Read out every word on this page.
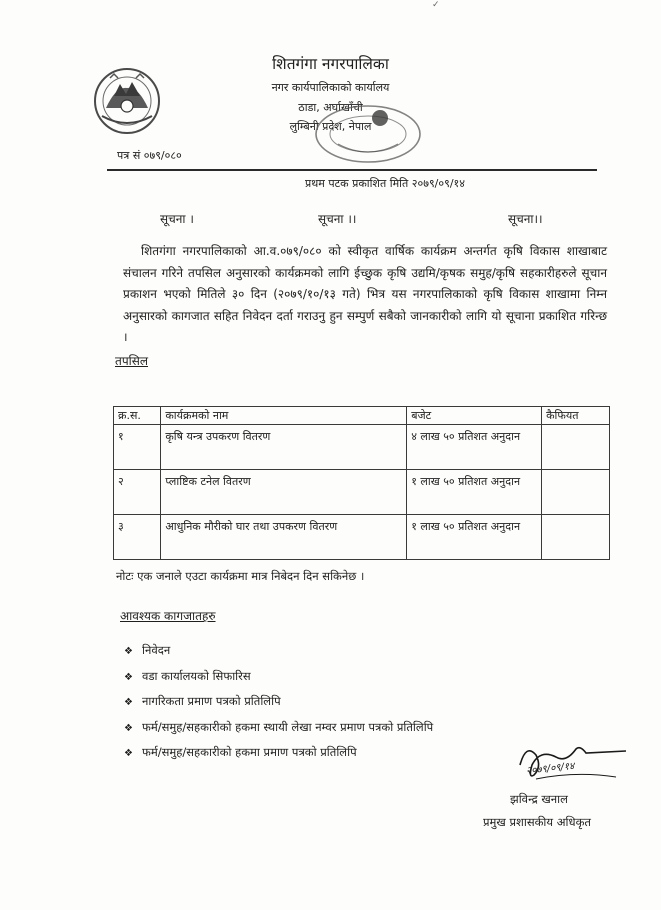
✓
शितगंगा नगरपालिका
नगर कार्यपालिकाको कार्यालय
ठाडा, अर्घाखाँची
लुम्बिनी प्रदेश, नेपाल
पत्र सं ०७९/०८०
प्रथम पटक प्रकाशित मिति २०७९/०९/१४
सूचना ।	सूचना ।।	सूचना।।
शितगंगा नगरपालिकाको आ.व.०७९/०८० को स्वीकृत वार्षिक कार्यक्रम अन्तर्गत कृषि विकास शाखाबाट संचालन गरिने तपसिल अनुसारको कार्यक्रमको लागि ईच्छुक कृषि उद्यमि/कृषक समुह/कृषि सहकारीहरुले सूचान प्रकाशन भएको मितिले ३० दिन (२०७९/१०/१३ गते) भित्र यस नगरपालिकाको कृषि विकास शाखामा निम्न अनुसारको कागजात सहित निवेदन दर्ता गराउनु हुन सम्पुर्ण सबैको जानकारीको लागि यो सूचाना प्रकाशित गरिन्छ ।
तपसिल
क्र.स.	कार्यक्रमको नाम	बजेट	कैफियत
१	कृषि यन्त्र उपकरण वितरण	४ लाख ५० प्रतिशत अनुदान	
२	प्लाष्टिक टनेल वितरण	१ लाख ५० प्रतिशत अनुदान	
३	आधुनिक मौरीको घार तथा उपकरण वितरण	१ लाख ५० प्रतिशत अनुदान	
नोटः एक जनाले एउटा कार्यक्रमा मात्र निबेदन दिन सकिनेछ ।
आवश्यक कागजातहरु
❖ निवेदन
❖ वडा कार्यालयको सिफारिस
❖ नागरिकता प्रमाण पत्रको प्रतिलिपि
❖ फर्म/समुह/सहकारीको हकमा स्थायी लेखा नम्वर प्रमाण पत्रको प्रतिलिपि
❖ फर्म/समुह/सहकारीको हकमा प्रमाण पत्रको प्रतिलिपि
२०७९/०९/१४
झविन्द्र खनाल
प्रमुख प्रशासकीय अधिकृत
